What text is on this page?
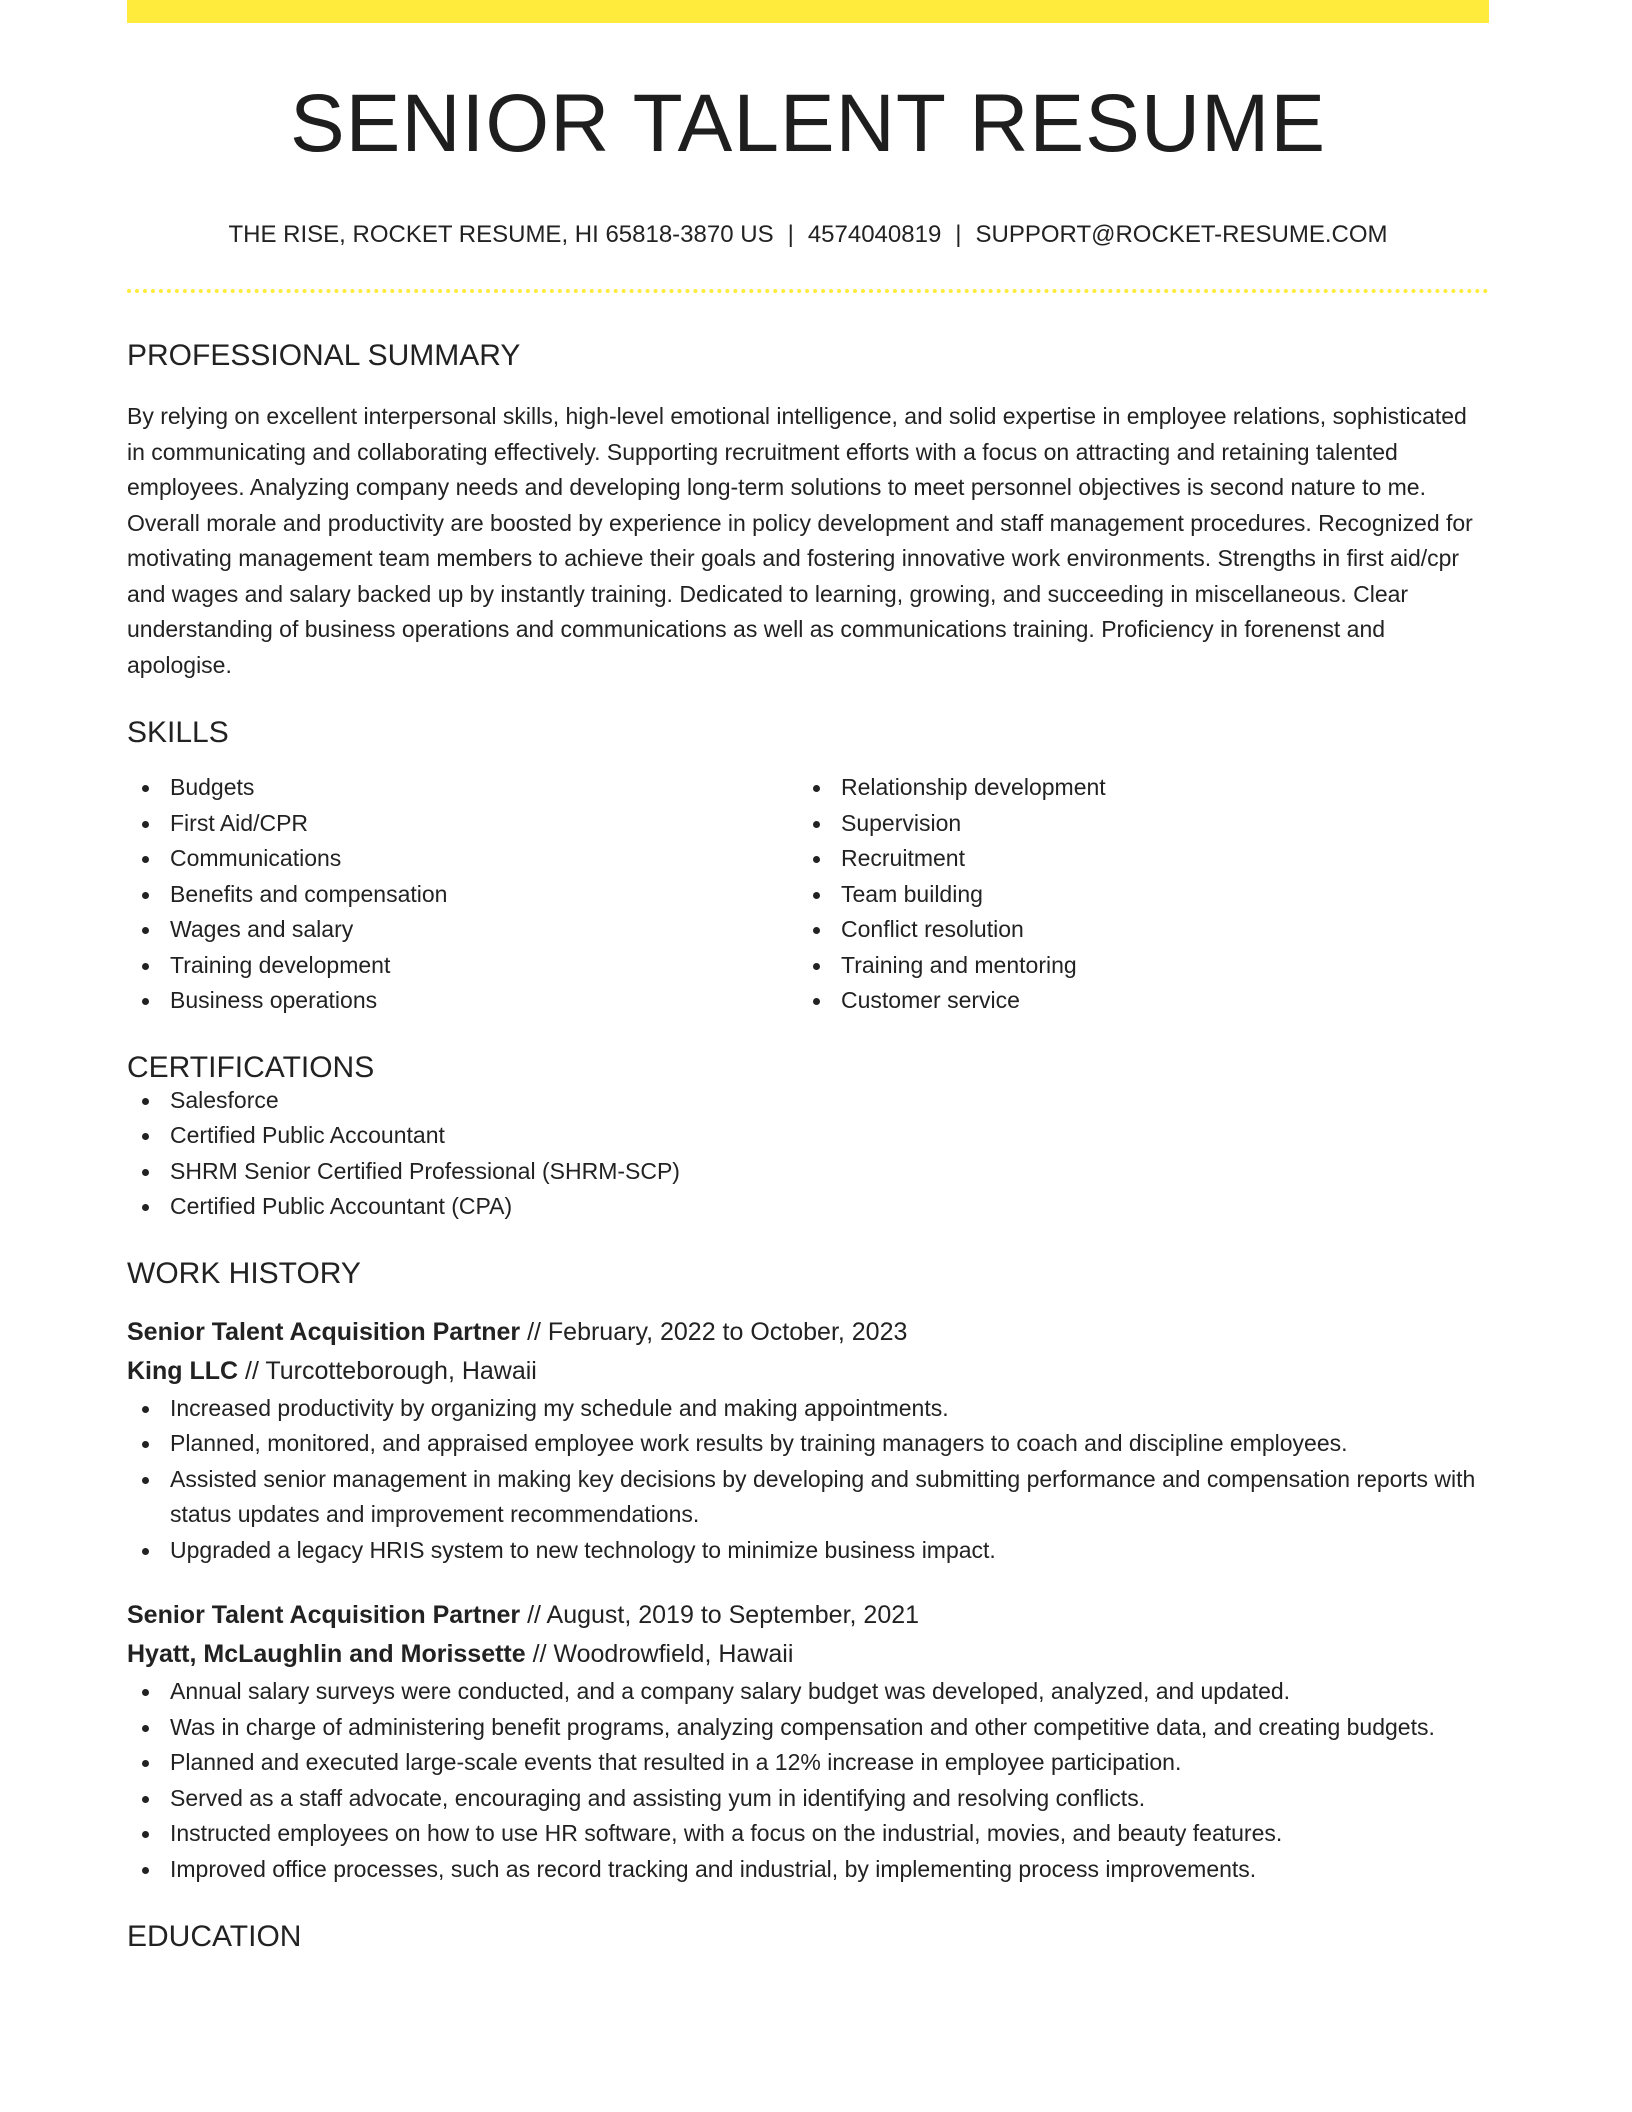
SENIOR TALENT RESUME
THE RISE, ROCKET RESUME, HI 65818-3870 US | 4574040819 | SUPPORT@ROCKET-RESUME.COM
PROFESSIONAL SUMMARY

By relying on excellent interpersonal skills, high-level emotional intelligence, and solid expertise in employee relations, sophisticated in communicating and collaborating effectively. Supporting recruitment efforts with a focus on attracting and retaining talented employees. Analyzing company needs and developing long-term solutions to meet personnel objectives is second nature to me. Overall morale and productivity are boosted by experience in policy development and staff management procedures. Recognized for motivating management team members to achieve their goals and fostering innovative work environments. Strengths in first aid/cpr and wages and salary backed up by instantly training. Dedicated to learning, growing, and succeeding in miscellaneous. Clear understanding of business operations and communications as well as communications training. Proficiency in forenenst and apologise.

SKILLS
Budgets
First Aid/CPR
Communications
Benefits and compensation
Wages and salary
Training development
Business operations
Relationship development
Supervision
Recruitment
Team building
Conflict resolution
Training and mentoring
Customer service
CERTIFICATIONS
Salesforce
Certified Public Accountant
SHRM Senior Certified Professional (SHRM-SCP)
Certified Public Accountant (CPA)
WORK HISTORY
Senior Talent Acquisition Partner // February, 2022 to October, 2023
King LLC // Turcotteborough, Hawaii
Increased productivity by organizing my schedule and making appointments.
Planned, monitored, and appraised employee work results by training managers to coach and discipline employees.
Assisted senior management in making key decisions by developing and submitting performance and compensation reports with status updates and improvement recommendations.
Upgraded a legacy HRIS system to new technology to minimize business impact.
Senior Talent Acquisition Partner // August, 2019 to September, 2021
Hyatt, McLaughlin and Morissette // Woodrowfield, Hawaii
Annual salary surveys were conducted, and a company salary budget was developed, analyzed, and updated.
Was in charge of administering benefit programs, analyzing compensation and other competitive data, and creating budgets.
Planned and executed large-scale events that resulted in a 12% increase in employee participation.
Served as a staff advocate, encouraging and assisting yum in identifying and resolving conflicts.
Instructed employees on how to use HR software, with a focus on the industrial, movies, and beauty features.
Improved office processes, such as record tracking and industrial, by implementing process improvements.
EDUCATION
